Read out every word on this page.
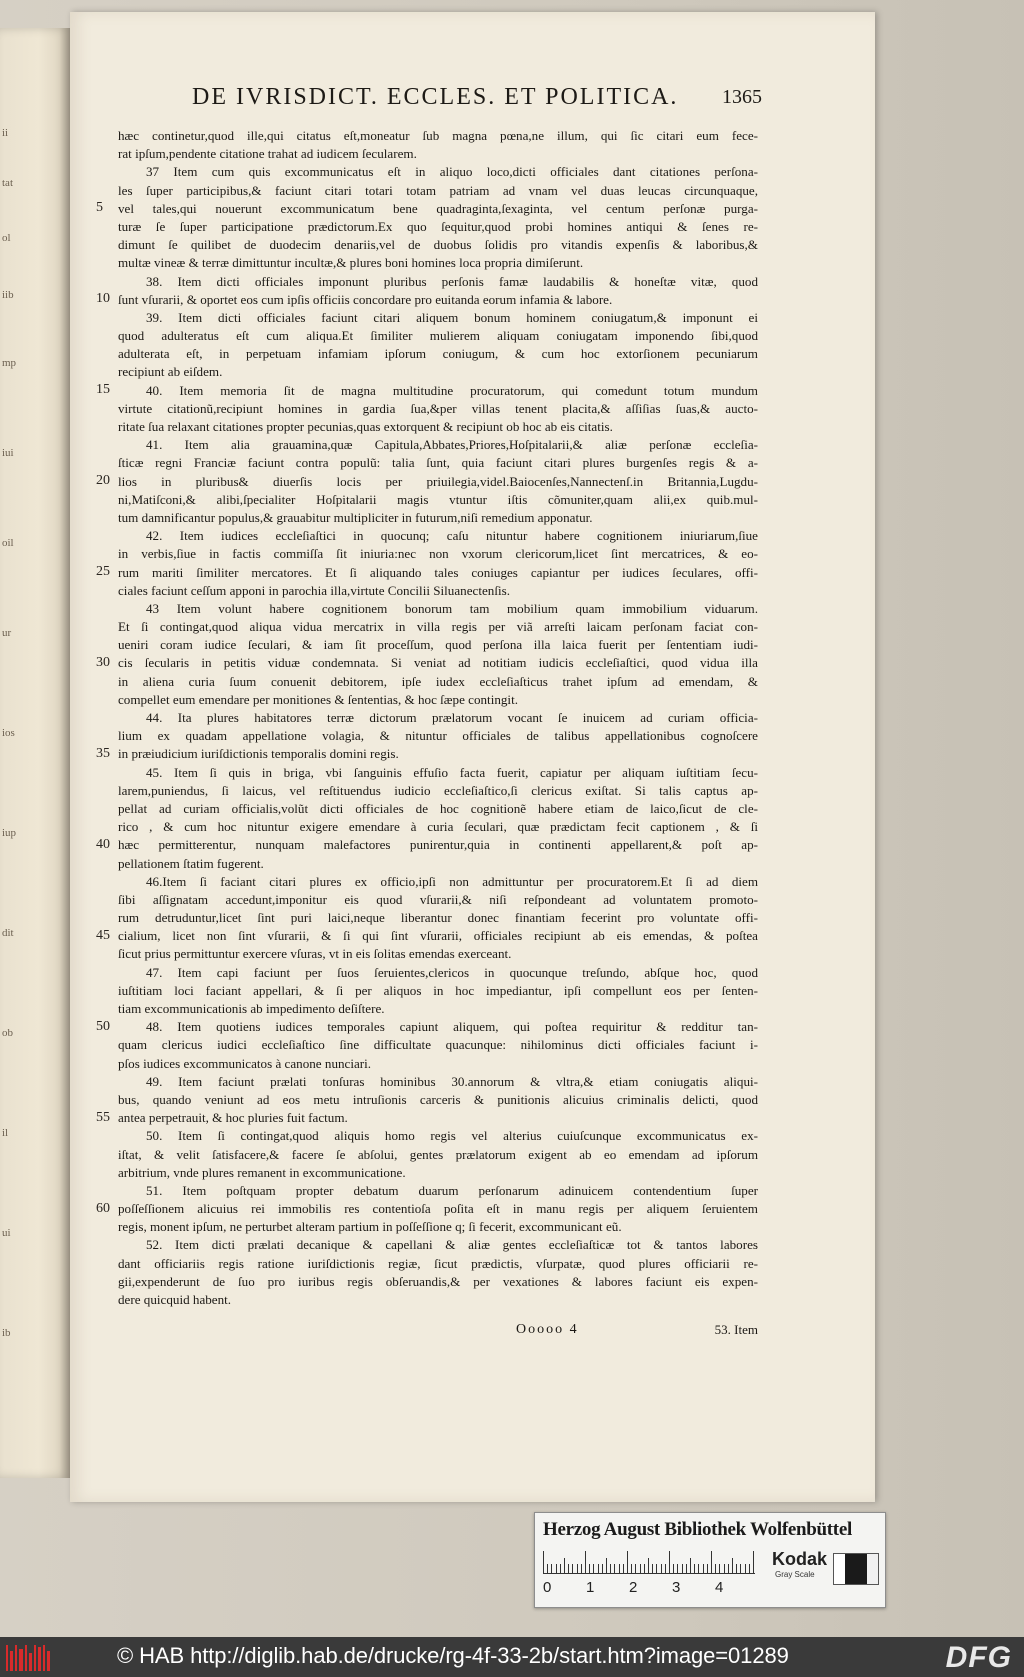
ii
tat
ol
iib
mp
iui
oil
ur
ios
iup
dit
ob
il
ui
ib
DE IVRISDICT. ECCLES. ET POLITICA. 1365
5
10
15
20
25
30
35
40
45
50
55
60
hæc continetur,quod ille,qui citatus eſt,moneatur ſub magna pœna,ne illum, qui ſic citari eum fece-
rat ipſum,pendente citatione trahat ad iudicem ſecularem.
37 Item cum quis excommunicatus eſt in aliquo loco,dicti officiales dant citationes perſona-
les ſuper participibus,& faciunt citari totari totam patriam ad vnam vel duas leucas circunquaque,
vel tales,qui nouerunt excommunicatum bene quadraginta,ſexaginta, vel centum perſonæ purga-
turæ ſe ſuper participatione prædictorum.Ex quo ſequitur,quod probi homines antiqui & ſenes re-
dimunt ſe quilibet de duodecim denariis,vel de duobus ſolidis pro vitandis expenſis & laboribus,&
multæ vineæ & terræ dimittuntur incultæ,& plures boni homines loca propria dimiſerunt.
38. Item dicti officiales imponunt pluribus perſonis famæ laudabilis & honeſtæ vitæ, quod
ſunt vſurarii, & oportet eos cum ipſis officiis concordare pro euitanda eorum infamia & labore.
39. Item dicti officiales faciunt citari aliquem bonum hominem coniugatum,& imponunt ei
quod adulteratus eſt cum aliqua.Et ſimiliter mulierem aliquam coniugatam imponendo ſibi,quod
adulterata eſt, in perpetuam infamiam ipſorum coniugum, & cum hoc extorſionem pecuniarum
recipiunt ab eiſdem.
40. Item memoria ſit de magna multitudine procuratorum, qui comedunt totum mundum
virtute citationũ,recipiunt homines in gardia ſua,&per villas tenent placita,& aſſiſias ſuas,& aucto-
ritate ſua relaxant citationes propter pecunias,quas extorquent & recipiunt ob hoc ab eis citatis.
41. Item alia grauamina,quæ Capitula,Abbates,Priores,Hoſpitalarii,& aliæ perſonæ eccleſia-
ſticæ regni Franciæ faciunt contra populũ: talia ſunt, quia faciunt citari plures burgenſes regis & a-
lios in pluribus& diuerſis locis per priuilegia,videl.Baiocenſes,Nannectenſ.in Britannia,Lugdu-
ni,Matiſconi,& alibi,ſpecialiter Hoſpitalarii magis vtuntur iſtis cõmuniter,quam alii,ex quib.mul-
tum damnificantur populus,& grauabitur multipliciter in futurum,niſi remedium apponatur.
42. Item iudices eccleſiaſtici in quocunq; caſu nituntur habere cognitionem iniuriarum,ſiue
in verbis,ſiue in factis commiſſa ſit iniuria:nec non vxorum clericorum,licet ſint mercatrices, & eo-
rum mariti ſimiliter mercatores. Et ſi aliquando tales coniuges capiantur per iudices ſeculares, offi-
ciales faciunt ceſſum apponi in parochia illa,virtute Concilii Siluanectenſis.
43 Item volunt habere cognitionem bonorum tam mobilium quam immobilium viduarum.
Et ſi contingat,quod aliqua vidua mercatrix in villa regis per viã arreſti laicam perſonam faciat con-
ueniri coram iudice ſeculari, & iam ſit proceſſum, quod perſona illa laica fuerit per ſententiam iudi-
cis ſecularis in petitis viduæ condemnata. Si veniat ad notitiam iudicis eccleſiaſtici, quod vidua illa
in aliena curia ſuum conuenit debitorem, ipſe iudex eccleſiaſticus trahet ipſum ad emendam, &
compellet eum emendare per monitiones & ſententias, & hoc ſæpe contingit.
44. Ita plures habitatores terræ dictorum prælatorum vocant ſe inuicem ad curiam officia-
lium ex quadam appellatione volagia, & nituntur officiales de talibus appellationibus cognoſcere
in præiudicium iuriſdictionis temporalis domini regis.
45. Item ſi quis in briga, vbi ſanguinis effuſio facta fuerit, capiatur per aliquam iuſtitiam ſecu-
larem,puniendus, ſi laicus, vel reſtituendus iudicio eccleſiaſtico,ſi clericus exiſtat. Si talis captus ap-
pellat ad curiam officialis,volũt dicti officiales de hoc cognitionẽ habere etiam de laico,ſicut de cle-
rico , & cum hoc nituntur exigere emendare à curia ſeculari, quæ prædictam fecit captionem , & ſi
hæc permitterentur, nunquam malefactores punirentur,quia in continenti appellarent,& poſt ap-
pellationem ſtatim fugerent.
46.Item ſi faciant citari plures ex officio,ipſi non admittuntur per procuratorem.Et ſi ad diem
ſibi aſſignatam accedunt,imponitur eis quod vſurarii,& niſi reſpondeant ad voluntatem promoto-
rum detruduntur,licet ſint puri laici,neque liberantur donec finantiam fecerint pro voluntate offi-
cialium, licet non ſint vſurarii, & ſi qui ſint vſurarii, officiales recipiunt ab eis emendas, & poſtea
ſicut prius permittuntur exercere vſuras, vt in eis ſolitas emendas exerceant.
47. Item capi faciunt per ſuos ſeruientes,clericos in quocunque treſundo, abſque hoc, quod
iuſtitiam loci faciant appellari, & ſi per aliquos in hoc impediantur, ipſi compellunt eos per ſenten-
tiam excommunicationis ab impedimento deſiſtere.
48. Item quotiens iudices temporales capiunt aliquem, qui poſtea requiritur & redditur tan-
quam clericus iudici eccleſiaſtico ſine difficultate quacunque: nihilominus dicti officiales faciunt i-
pſos iudices excommunicatos à canone nunciari.
49. Item faciunt prælati tonſuras hominibus 30.annorum & vltra,& etiam coniugatis aliqui-
bus, quando veniunt ad eos metu intruſionis carceris & punitionis alicuius criminalis delicti, quod
antea perpetrauit, & hoc pluries fuit factum.
50. Item ſi contingat,quod aliquis homo regis vel alterius cuiuſcunque excommunicatus ex-
iſtat, & velit ſatisfacere,& facere ſe abſolui, gentes prælatorum exigent ab eo emendam ad ipſorum
arbitrium, vnde plures remanent in excommunicatione.
51. Item poſtquam propter debatum duarum perſonarum adinuicem contendentium ſuper
poſſeſſionem alicuius rei immobilis res contentioſa poſita eſt in manu regis per aliquem ſeruientem
regis, monent ipſum, ne perturbet alteram partium in poſſeſſione q; ſi fecerit, excommunicant eũ.
52. Item dicti prælati decanique & capellani & aliæ gentes eccleſiaſticæ tot & tantos labores
dant officiariis regis ratione iuriſdictionis regiæ, ſicut prædictis, vſurpatæ, quod plures officiarii re-
gii,expenderunt de ſuo pro iuribus regis obſeruandis,& per vexationes & labores faciunt eis expen-
dere quicquid habent.
Ooooo 4	53. Item
Herzog August Bibliothek Wolfenbüttel
0 1 2 3 4
Kodak
Gray Scale
© HAB http://diglib.hab.de/drucke/rg-4f-33-2b/start.htm?image=01289	DFG
